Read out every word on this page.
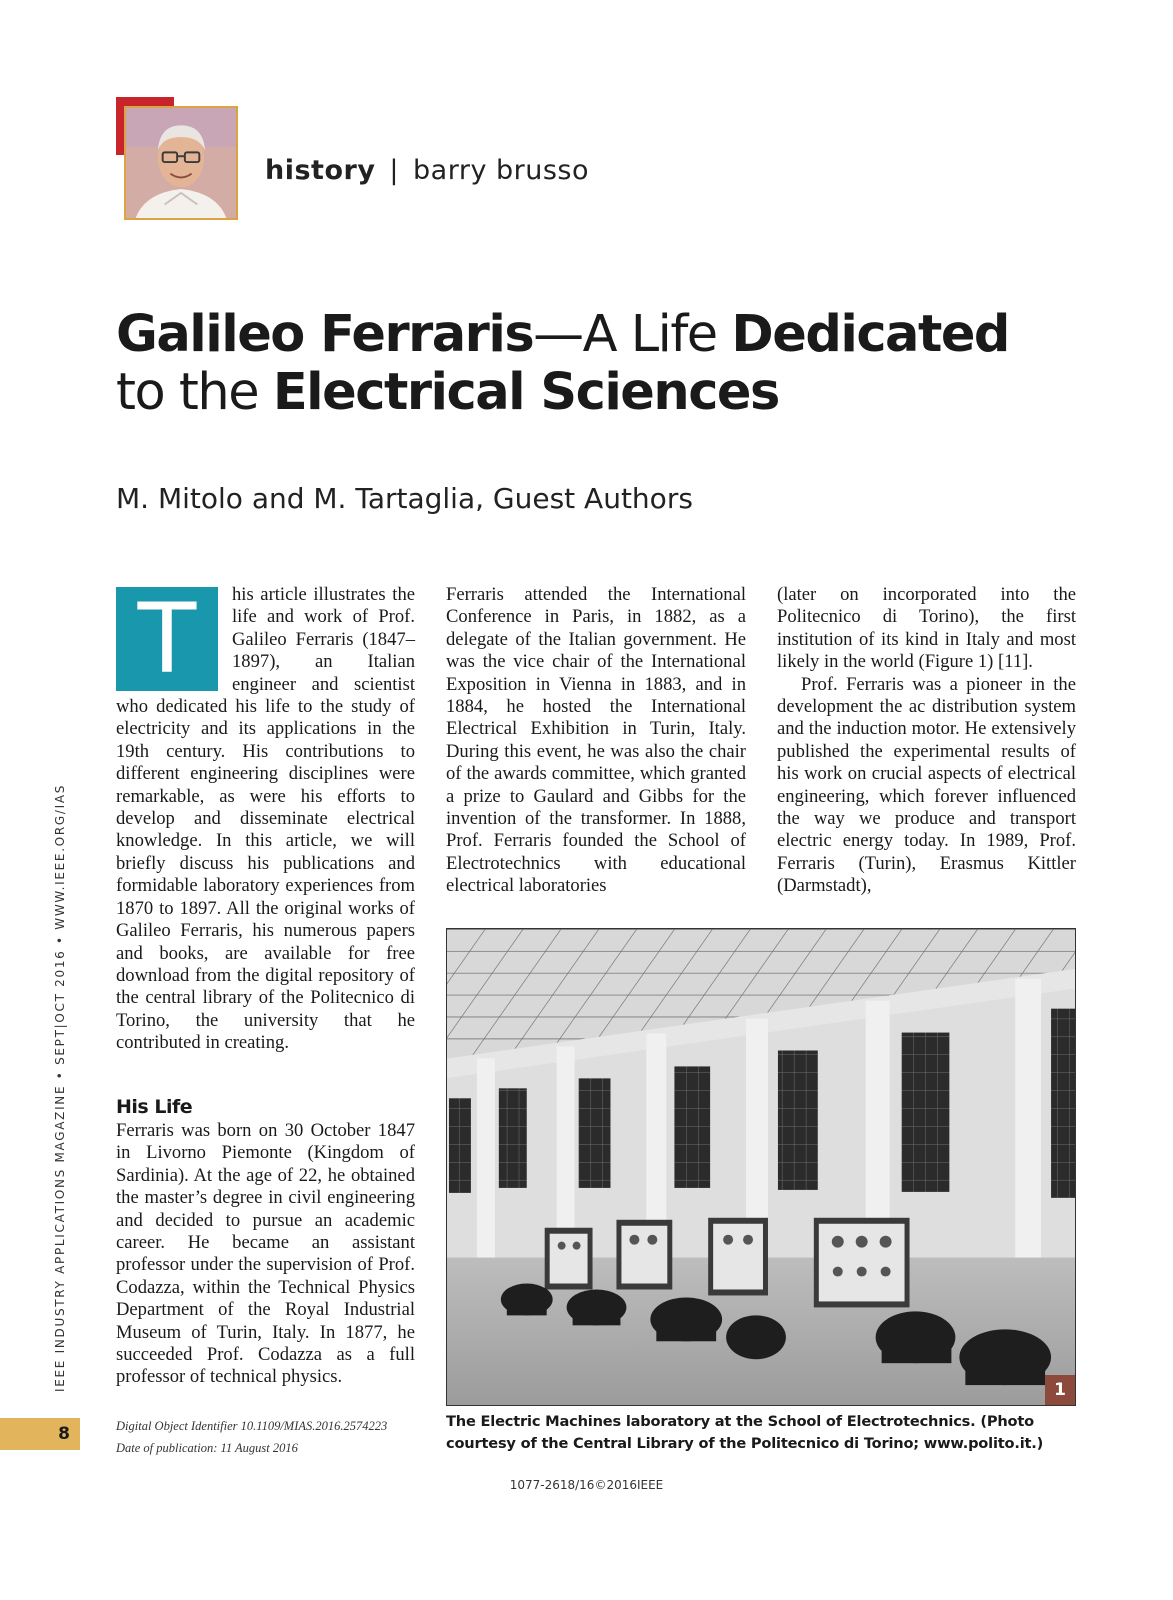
history | barry brusso
Galileo Ferraris—A Life Dedicated
to the Electrical Sciences
M. Mitolo and M. Tartaglia, Guest Authors
T	his article illustrates the life and work of Prof. Galileo Ferraris (1847–1897), an Italian engineer and scientist who dedicated his life to the study of electricity and its applications in the 19th century. His contributions to different engineering disciplines were remarkable, as were his efforts to develop and disseminate electrical knowledge. In this article, we will briefly discuss his publications and formidable laboratory experiences from 1870 to 1897. All the original works of Galileo Ferraris, his numerous papers and books, are available for free download from the digital repository of the central library of the Politecnico di Torino, the university that he contributed in creating.

His Life

Ferraris was born on 30 October 1847 in Livorno Piemonte (Kingdom of Sardinia). At the age of 22, he obtained the master’s degree in civil engineering and decided to pursue an academic career. He became an assistant professor under the supervision of Prof. Codazza, within the Technical Physics Department of the Royal Industrial Museum of Turin, Italy. In 1877, he succeeded Prof. Codazza as a full professor of technical physics.

Ferraris attended the International Conference in Paris, in 1882, as a delegate of the Italian government. He was the vice chair of the International Exposition in Vienna in 1883, and in 1884, he hosted the International Electrical Exhibition in Turin, Italy. During this event, he was also the chair of the awards committee, which granted a prize to Gaulard and Gibbs for the invention of the transformer. In 1888, Prof. Ferraris founded the School of Electrotechnics with educational electrical laboratories

(later on incorporated into the Politecnico di Torino), the first institution of its kind in Italy and most likely in the world (Figure 1) [11].

Prof. Ferraris was a pioneer in the development the ac distribution system and the induction motor. He extensively published the experimental results of his work on crucial aspects of electrical engineering, which forever influenced the way we produce and transport electric energy today. In 1989, Prof. Ferraris (Turin), Erasmus Kittler (Darmstadt),

1
The Electric Machines laboratory at the School of Electrotechnics. (Photo courtesy of the Central Library of the Politecnico di Torino; www.polito.it.)
IEEE INDUSTRY APPLICATIONS MAGAZINE • SEPT|OCT 2016 • WWW.IEEE.ORG/IAS
8	Digital Object Identifier 10.1109/MIAS.2016.2574223
Date of publication: 11 August 2016
1077-2618/16©2016IEEE
